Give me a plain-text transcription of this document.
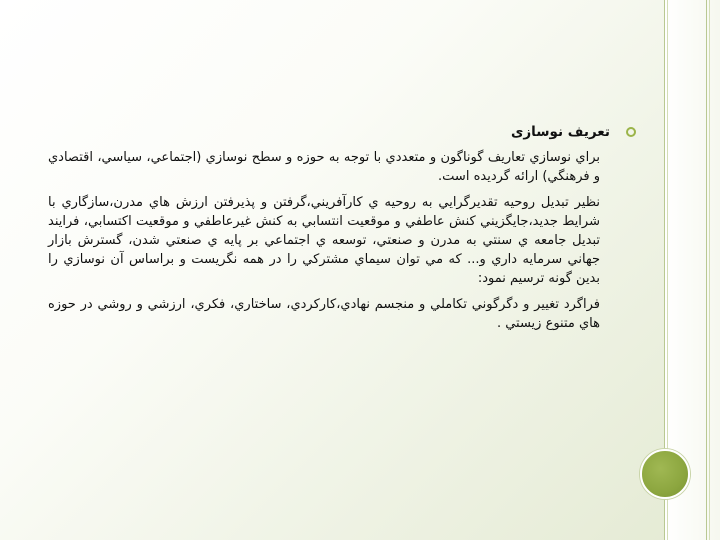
تعريف نوسازی

براي نوسازي تعاريف گوناگون و متعددي با توجه به حوزه و سطح نوسازي (اجتماعي، سياسي، اقتصادي و فرهنگي) ارائه گرديده است.

نظير تبديل روحيه تقديرگرايي به روحيه ي کارآفريني،گرفتن و پذيرفتن ارزش هاي مدرن،سازگاري با شرايط جديد،جايگزيني کنش عاطفي و موقعيت انتسابي به کنش غيرعاطفي و موقعيت اکتسابي، فرايند تبديل جامعه ي سنتي به مدرن و صنعتي، توسعه ي اجتماعي بر پايه ي صنعتي شدن، گسترش بازار جهاني سرمايه داري و... که مي توان سيماي مشترکي را در همه نگريست و براساس آن نوسازي را بدين گونه ترسيم نمود:

فراگرد تغيير و دگرگوني تکاملي و منجسم نهادي،کارکردي، ساختاري، فکري، ارزشي و روشي در حوزه هاي متنوع زيستي .
